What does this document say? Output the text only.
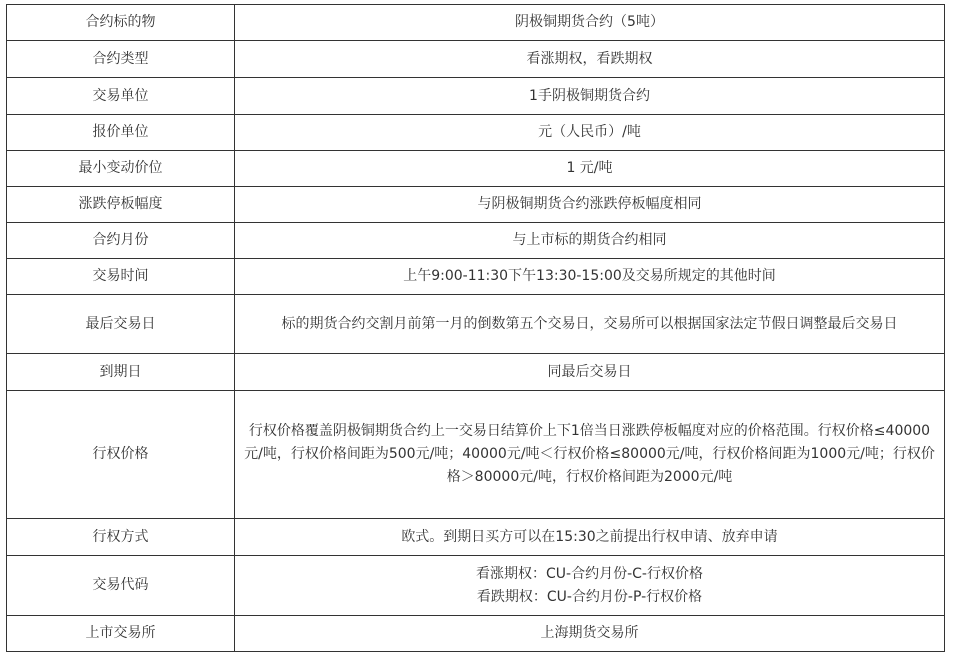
合约标的物	阴极铜期货合约（5吨）
合约类型	看涨期权，看跌期权
交易单位	1手阴极铜期货合约
报价单位	元（人民币）/吨
最小变动价位	1 元/吨
涨跌停板幅度	与阴极铜期货合约涨跌停板幅度相同
合约月份	与上市标的期货合约相同
交易时间	上午9:00-11:30下午13:30-15:00及交易所规定的其他时间
最后交易日	标的期货合约交割月前第一月的倒数第五个交易日，交易所可以根据国家法定节假日调整最后交易日
到期日	同最后交易日
行权价格	行权价格覆盖阴极铜期货合约上一交易日结算价上下1倍当日涨跌停板幅度对应的价格范围。行权价格≤40000元/吨，行权价格间距为500元/吨；40000元/吨＜行权价格≤80000元/吨，行权价格间距为1000元/吨；行权价格＞80000元/吨，行权价格间距为2000元/吨
行权方式	欧式。到期日买方可以在15:30之前提出行权申请、放弃申请
交易代码	看涨期权：CU-合约月份-C-行权价格
看跌期权：CU-合约月份-P-行权价格

上市交易所	上海期货交易所
